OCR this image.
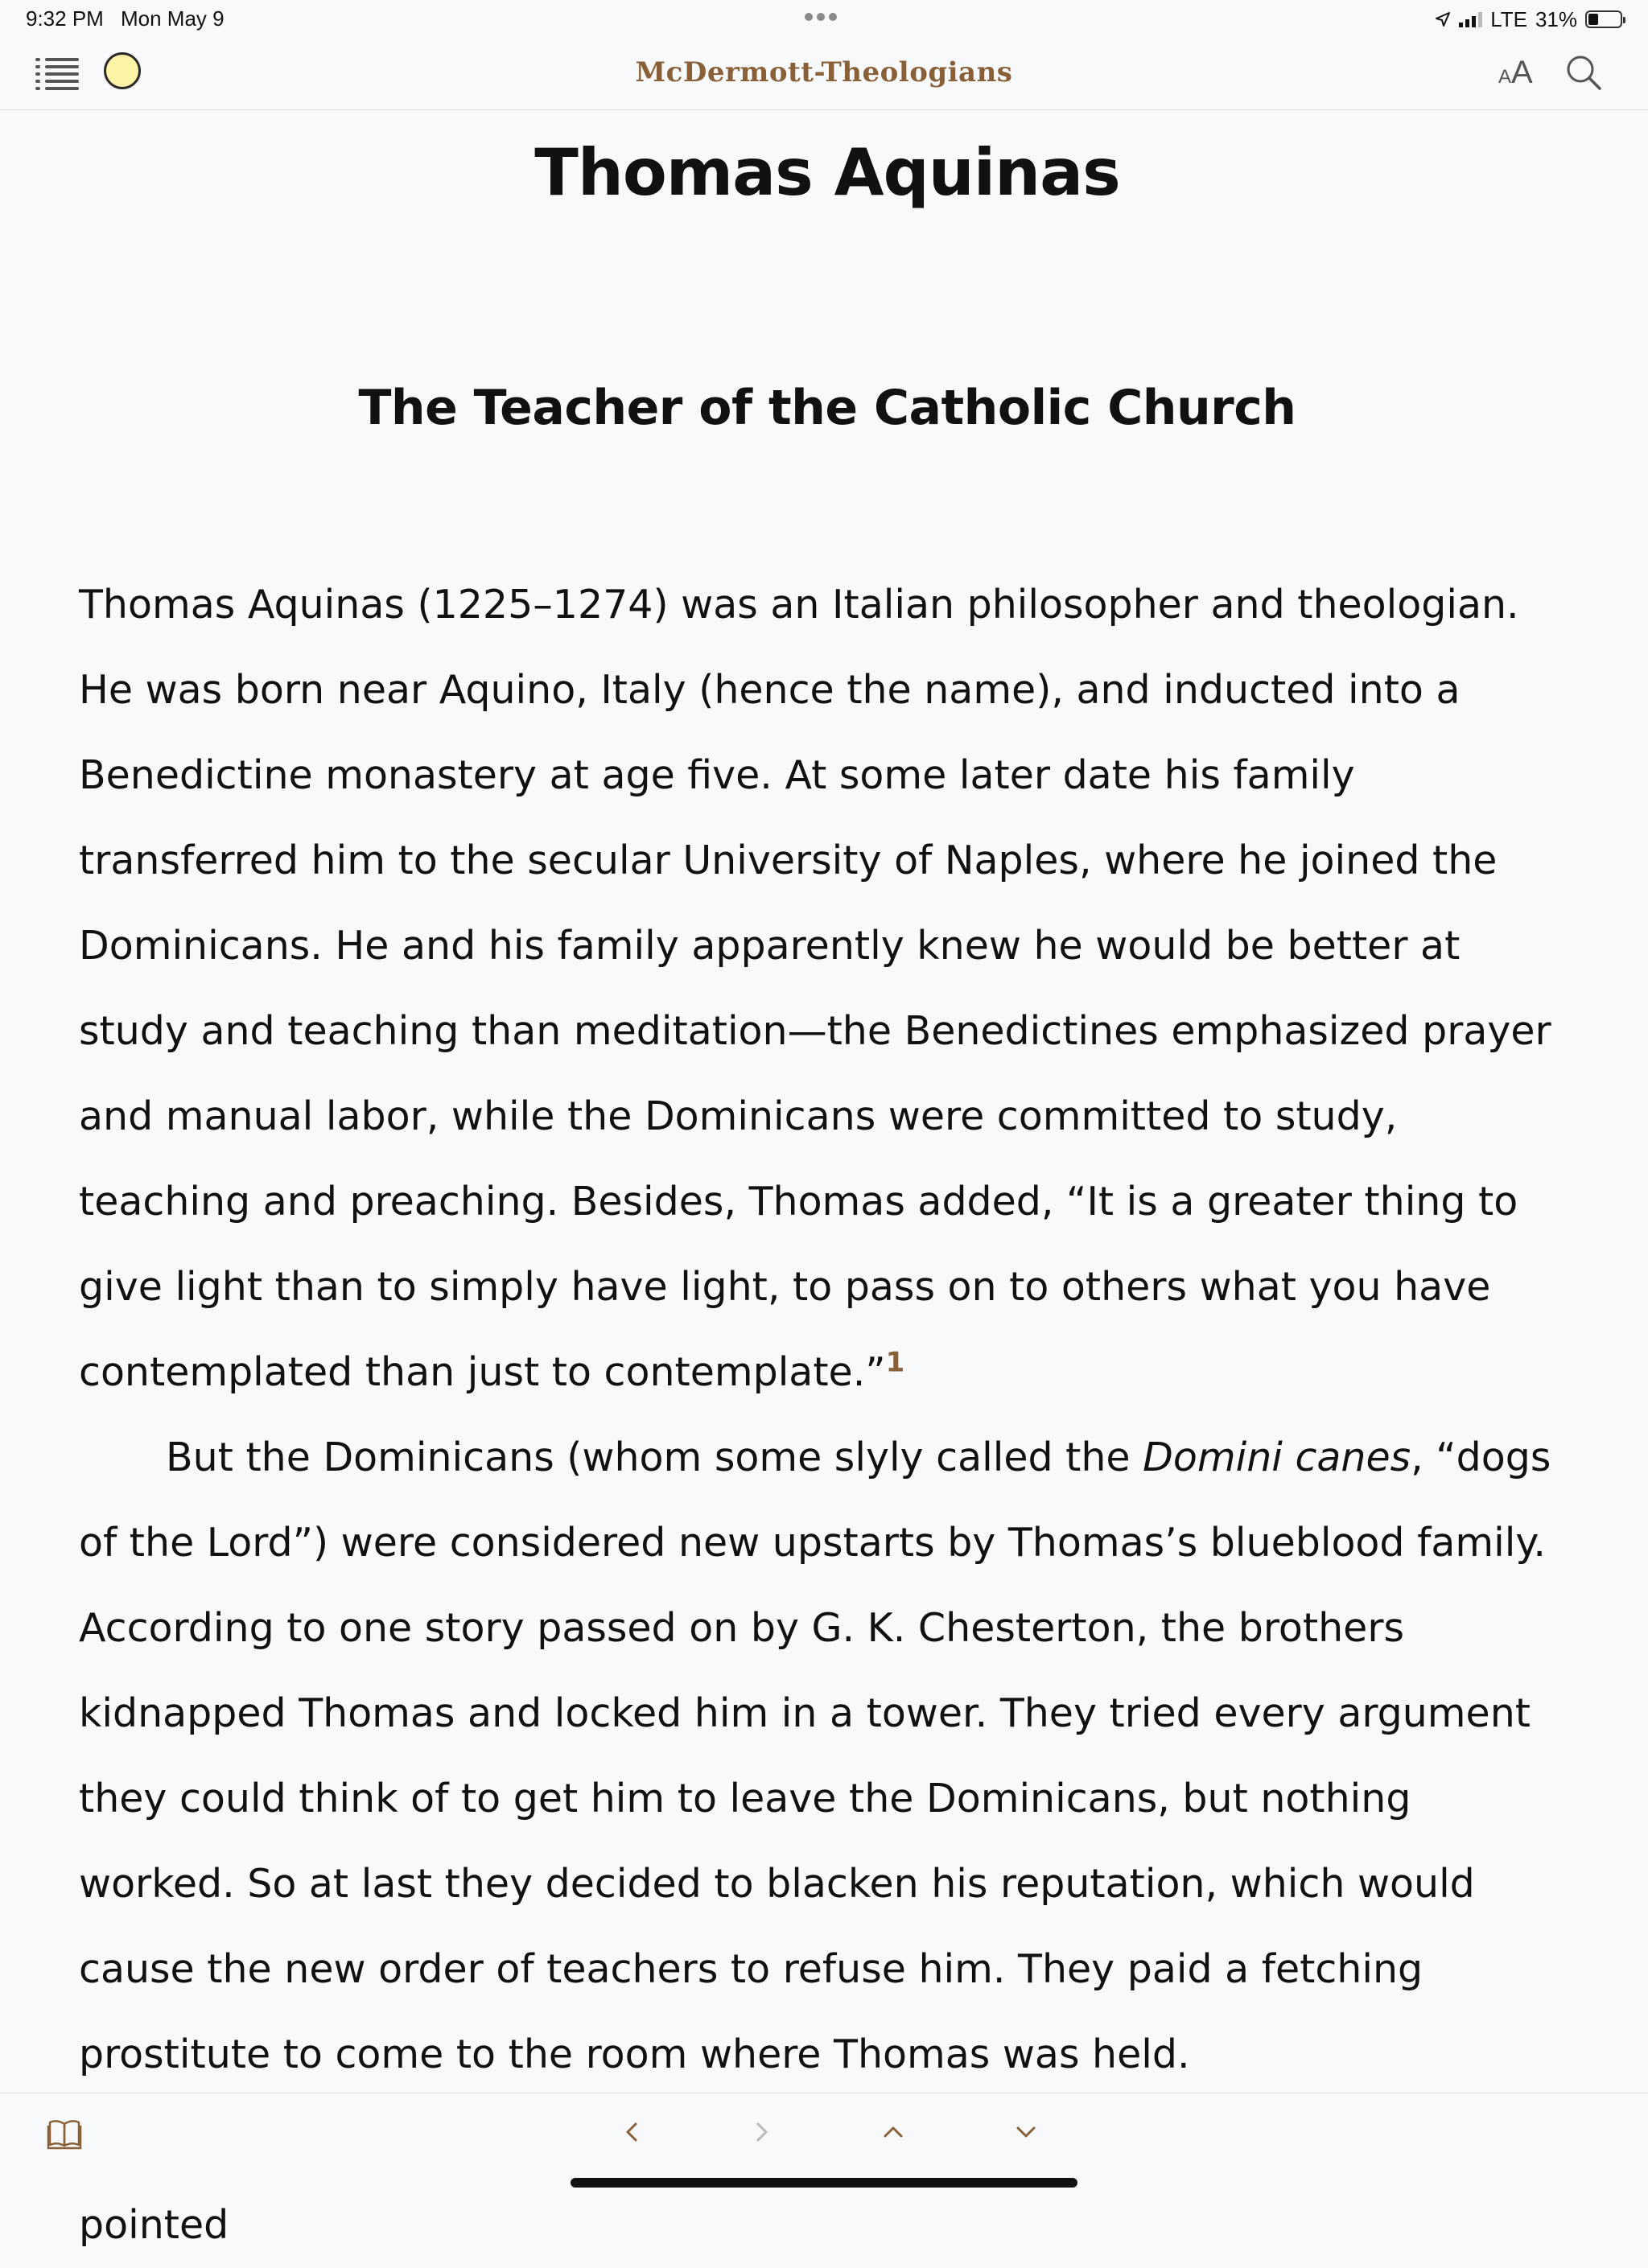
9:32 PM Mon May 9	LTE 31%
McDermott-Theologians	AA
Thomas Aquinas
The Teacher of the Catholic Church

Thomas Aquinas (1225–1274) was an Italian philosopher and theologian. He was born near Aquino, Italy (hence the name), and inducted into a Benedictine monastery at age five. At some later date his family transferred him to the secular University of Naples, where he joined the Dominicans. He and his family apparently knew he would be better at study and teaching than meditation—the Benedictines emphasized prayer and manual labor, while the Dominicans were committed to study, teaching and preaching. Besides, Thomas added, “It is a greater thing to give light than to simply have light, to pass on to others what you have contemplated than just to contemplate.”$^1$

But the Dominicans (whom some slyly called the Domini canes, “dogs of the Lord”) were considered new upstarts by Thomas’s blueblood family. According to one story passed on by G. K. Chesterton, the brothers kidnapped Thomas and locked him in a tower. They tried every argument they could think of to get him to leave the Dominicans, but nothing worked. So at last they decided to blacken his reputation, which would cause the new order of teachers to refuse him. They paid a fetching prostitute to come to the room where Thomas was held.

pointed
